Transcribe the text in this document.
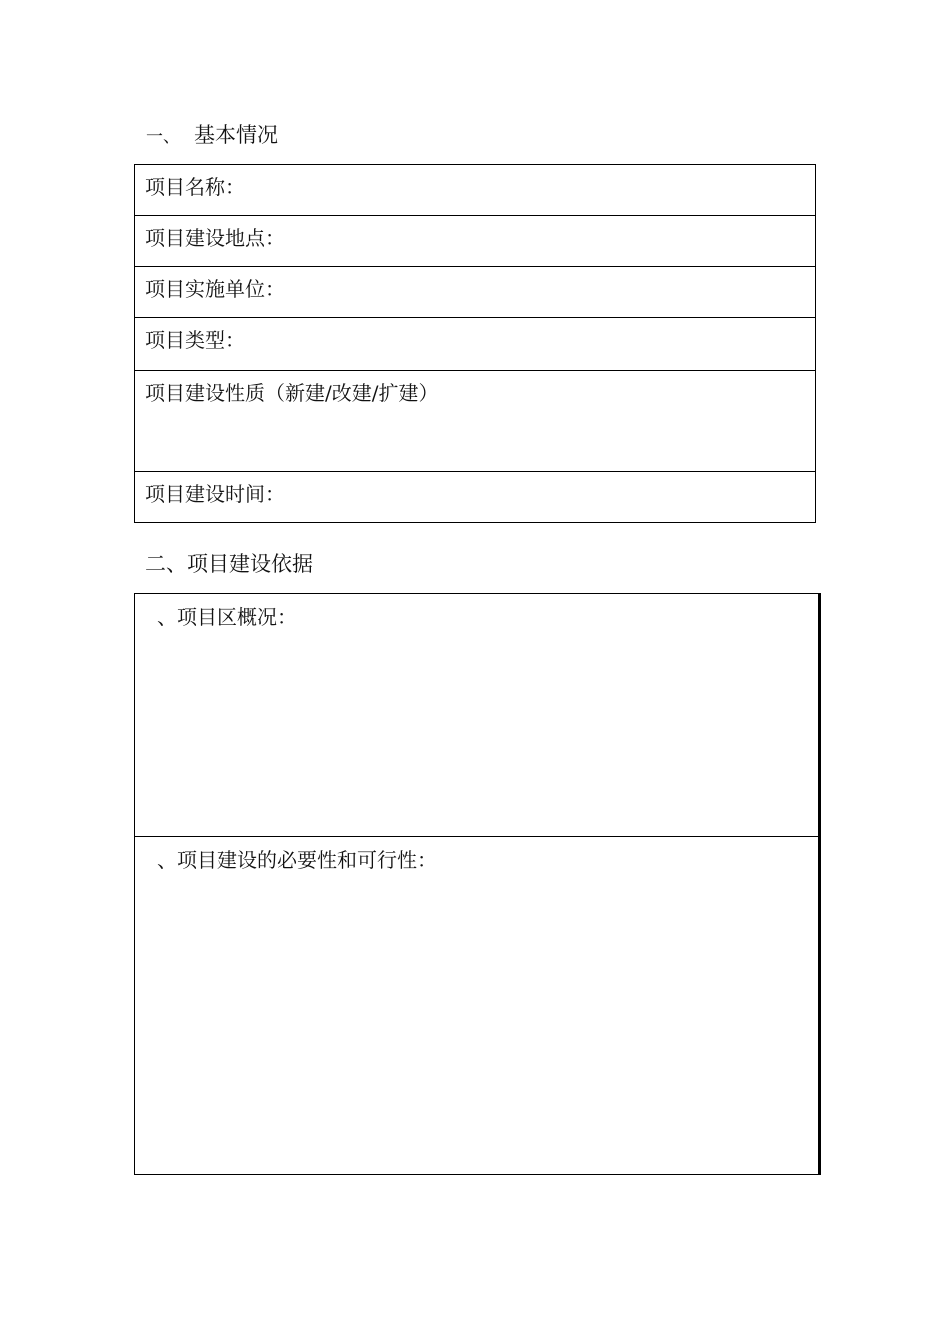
一、 基本情况
项目名称：
项目建设地点：
项目实施单位：
项目类型：
项目建设性质（新建/改建/扩建）
项目建设时间：
二、项目建设依据
、项目区概况：
、项目建设的必要性和可行性：
